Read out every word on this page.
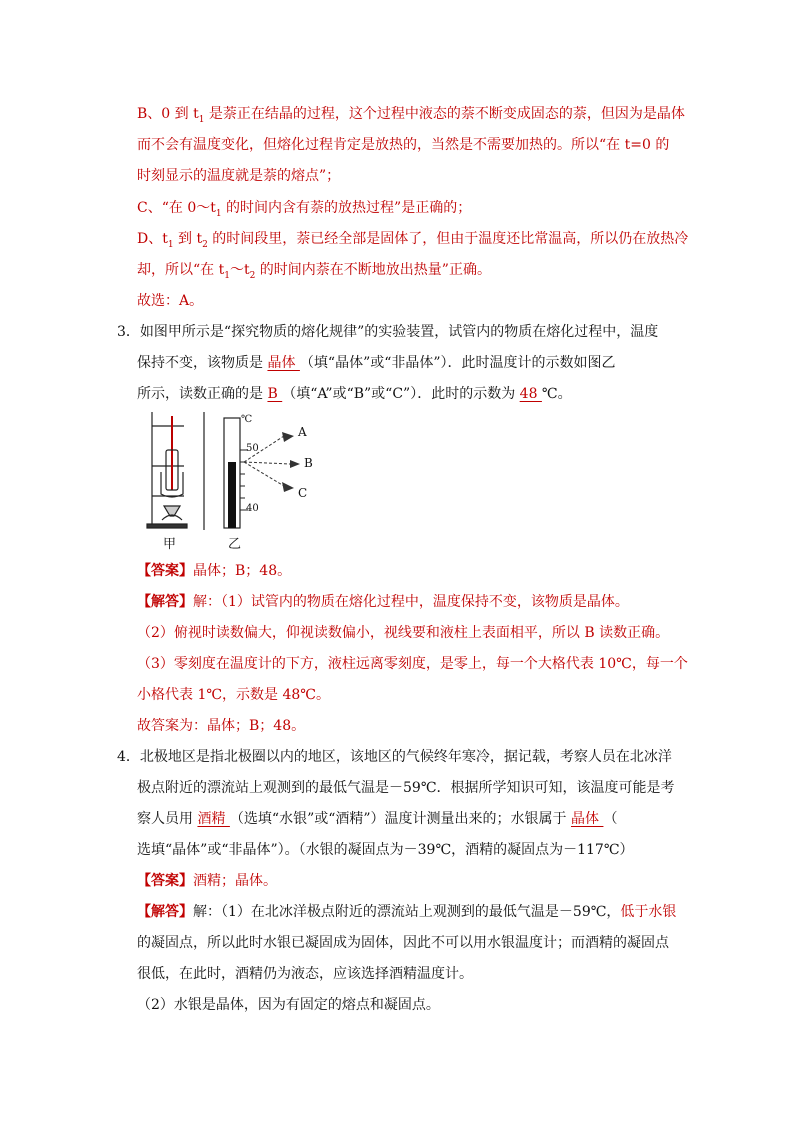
B、0 到 $t_1$ 是萘正在结晶的过程，这个过程中液态的萘不断变成固态的萘，但因为是晶体
而不会有温度变化，但熔化过程肯定是放热的，当然是不需要加热的。所以“在 t=0 的
时刻显示的温度就是萘的熔点”；
C、“在 $0\sim t_1$ 的时间内含有萘的放热过程”是正确的；
D、$t_1$ 到 $t_2$ 的时间段里，萘已经全部是固体了，但由于温度还比常温高，所以仍在放热冷
却，所以“在 $t_1\sim t_2$ 的时间内萘在不断地放出热量”正确。
故选：A。
3．如图甲所示是“探究物质的熔化规律”的实验装置，试管内的物质在熔化过程中，温度
保持不变，该物质是 晶体 （填“晶体”或“非晶体”）．此时温度计的示数如图乙
所示，读数正确的是 B （填“A”或“B”或“C”）．此时的示数为 48 ℃。
℃
50
40
A
B
C
甲	乙
【答案】晶体；B；48。
【解答】解：（1）试管内的物质在熔化过程中，温度保持不变，该物质是晶体。
（2）俯视时读数偏大，仰视读数偏小，视线要和液柱上表面相平，所以 B 读数正确。
（3）零刻度在温度计的下方，液柱远离零刻度，是零上，每一个大格代表 10℃，每一个
小格代表 1℃，示数是 48℃。
故答案为：晶体；B；48。
4．北极地区是指北极圈以内的地区，该地区的气候终年寒冷，据记载，考察人员在北冰洋
极点附近的漂流站上观测到的最低气温是－59℃．根据所学知识可知，该温度可能是考
察人员用 酒精 （选填“水银”或“酒精”）温度计测量出来的；水银属于 晶体 （
选填“晶体”或“非晶体”）。（水银的凝固点为－39℃，酒精的凝固点为－117℃）
【答案】酒精；晶体。
【解答】解：（1）在北冰洋极点附近的漂流站上观测到的最低气温是－59℃，低于水银
的凝固点，所以此时水银已凝固成为固体，因此不可以用水银温度计；而酒精的凝固点
很低，在此时，酒精仍为液态，应该选择酒精温度计。
（2）水银是晶体，因为有固定的熔点和凝固点。
